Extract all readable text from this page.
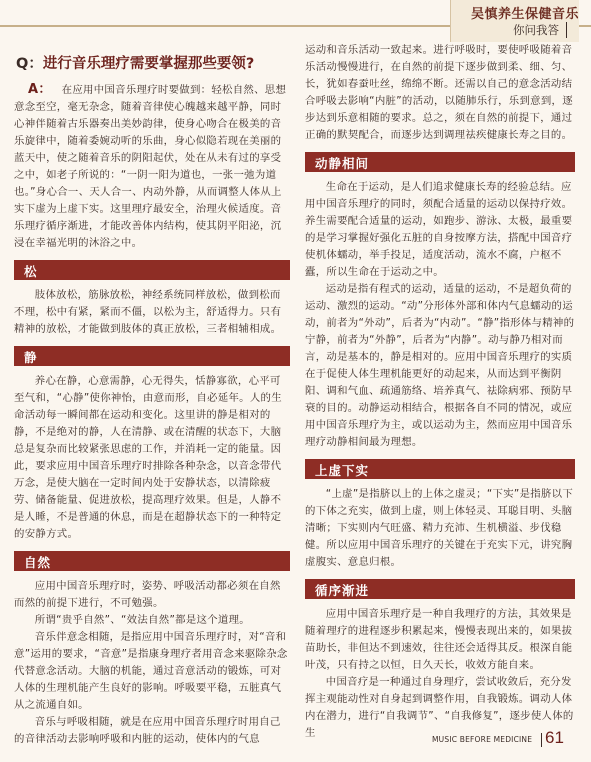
吴慎养生保健音乐
你问我答
Q：进行音乐理疗需要掌握那些要领?

A： 在应用中国音乐理疗时要做到：轻松自然、思想意念至空，毫无杂念，随着音律使心魄越来越平静，同时心神伴随着古乐器奏出美妙韵律，使身心吻合在极美的音乐旋律中，随着委婉动听的乐曲，身心似隐若现在美丽的蓝天中，使之随着音乐的阴阳起伏，处在从未有过的享受之中，如老子所说的：“一阴一阳为道也，一张一弛为道也。”身心合一、天人合一、内动外静，从而调整人体从上实下虚为上虚下实。这里理疗最安全，治理火候适度。音乐理疗循序渐进，才能改善体内结构，使其阴平阳泌，沉浸在幸福光明的沐浴之中。

松

肢体放松，筋脉放松，神经系统同样放松，做到松而不理，松中有紧，紧而不僵，以松为主，舒适得力。只有精神的放松，才能做到肢体的真正放松，三者相辅相成。

静

养心在静，心意需静，心无得失，恬静寡欲，心平可至气和，“心静”使你神怡，由意而形，自必延年。人的生命活动每一瞬间都在运动和变化。这里讲的静是相对的静，不是绝对的静，人在清静、或在清醒的状态下，大脑总是复杂而比较紧张思虑的工作，并消耗一定的能量。因此，要求应用中国音乐理疗时排除各种杂念，以音念带代万念，是使大脑在一定时间内处于安静状态，以清除疲劳、储备能量、促进放松，提高理疗效果。但是，人静不是人睡，不是普通的休息，而是在超静状态下的一种特定的安静方式。

自然

应用中国音乐理疗时，姿势、呼吸活动都必须在自然而然的前提下进行，不可勉强。

所谓“贵乎自然”、“效法自然”都是这个道理。

音乐伴意念相随，是指应用中国音乐理疗时，对“音和意”运用的要求，“音意”是指康身理疗者用音念来驱除杂念代替意念活动。大脑的机能，通过音意活动的锻炼，可对人体的生理机能产生良好的影响。呼吸要平稳，五脏真气从之流通自如。

音乐与呼吸相随，就是在应用中国音乐理疗时用自己的音律活动去影响呼吸和内脏的运动，使体内的气息

运动和音乐活动一致起来。进行呼吸时，要使呼吸随着音乐活动慢慢进行，在自然的前提下逐步做到柔、细、匀、长，犹如春蚕吐丝，绵绵不断。还需以自己的意念活动结合呼吸去影响“内脏”的活动，以随肺乐行，乐到意到，逐步达到乐意相随的要求。总之，须在自然的前提下，通过正确的默契配合，而逐步达到调理祛疾健康长寿之目的。

动静相间

生命在于运动，是人们追求健康长寿的经验总结。应用中国音乐理疗的同时，须配合适量的运动以保持疗效。养生需要配合适量的运动，如跑步、游泳、太极，最重要的是学习掌握好强化五脏的自身按摩方法，搭配中国音疗使机体蠕动，举手投足，适度活动，流水不腐，户枢不蠹，所以生命在于运动之中。

运动是指有程式的运动，适量的运动，不是超负荷的运动、激烈的运动。“动”分形体外部和体内气息蠕动的运动，前者为“外动”，后者为“内动”。“静”指形体与精神的宁静，前者为“外静”，后者为“内静”。动与静乃相对而言，动是基本的，静是相对的。应用中国音乐理疗的实质在于促使人体生理机能更好的动起来，从而达到平衡阴阳、调和气血、疏通筋络、培养真气、祛除病邪、预防早衰的目的。动静运动相结合，根据各自不同的情况，或应用中国音乐理疗为主，或以运动为主，然而应用中国音乐理疗动静相间最为理想。

上虚下实

“上虚”是指脐以上的上体之虚灵；“下实”是指脐以下的下体之充实，做到上虚，则上体轻灵、耳聪目明、头脑清晰；下实则内气旺盛、精力充沛、生机横溢、步伐稳健。所以应用中国音乐理疗的关键在于充实下元，讲究胸虚腹实、意息归根。

循序渐进

应用中国音乐理疗是一种自我理疗的方法，其效果是随着理疗的进程逐步积累起来，慢慢表现出来的，如果拔苗助长，非但达不到速效，往往还会适得其反。根深自能叶茂，只有持之以恒，日久天长，收效方能自来。

中国音疗是一种通过自身理疗，尝试收敛后，充分发挥主观能动性对自身起到调整作用，自我锻炼。调动人体内在潜力，进行“自我调节”、“自我修复”，逐步使人体的生

MUSIC BEFORE MEDICINE 61
